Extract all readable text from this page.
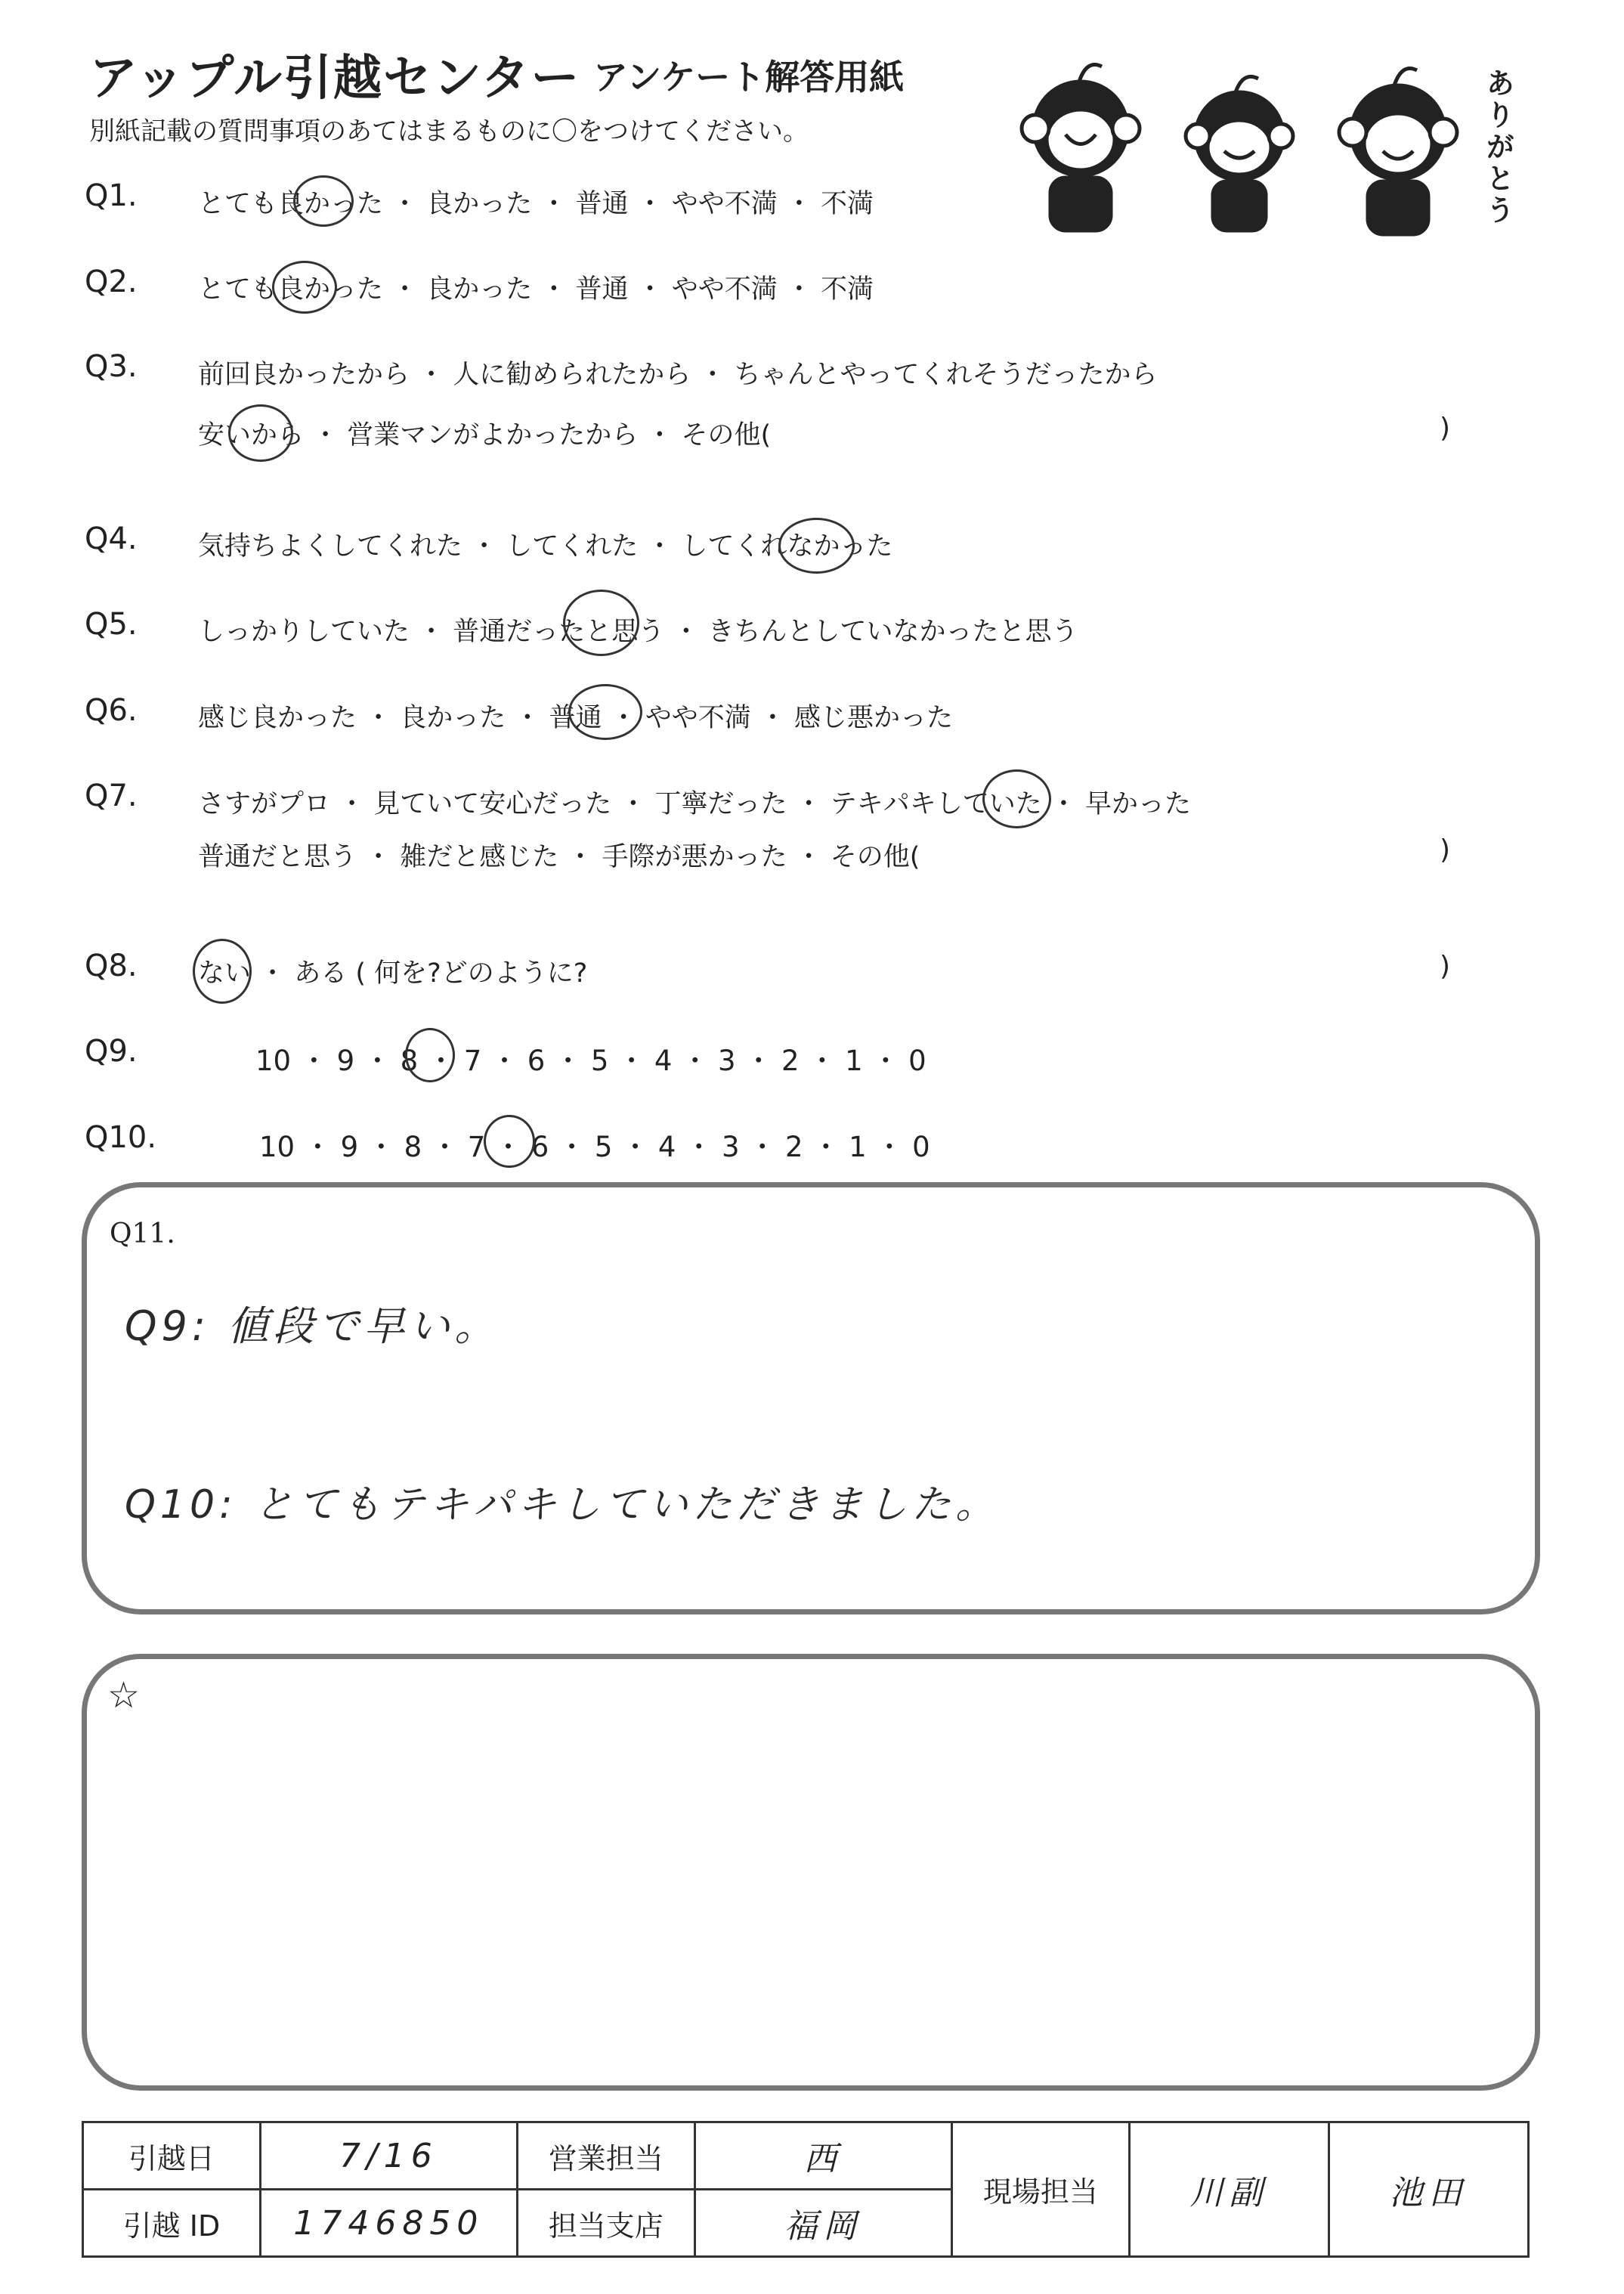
アップル引越センター アンケート解答用紙
別紙記載の質問事項のあてはまるものに〇をつけてください。	ありがとう
Q1. とても良かった ・ 良かった ・ 普通 ・ やや不満 ・ 不満
Q2. とても良かった ・ 良かった ・ 普通 ・ やや不満 ・ 不満
Q3. 前回良かったから ・ 人に勧められたから ・ ちゃんとやってくれそうだったから
安いから ・ 営業マンがよかったから ・ その他(	)
Q4. 気持ちよくしてくれた ・ してくれた ・ してくれなかった
Q5. しっかりしていた ・ 普通だったと思う ・ きちんとしていなかったと思う
Q6. 感じ良かった ・ 良かった ・ 普通 ・ やや不満 ・ 感じ悪かった
Q7. さすがプロ ・ 見ていて安心だった ・ 丁寧だった ・ テキパキしていた ・ 早かった
普通だと思う ・ 雑だと感じた ・ 手際が悪かった ・ その他(	)
Q8. ない ・ ある ( 何を?どのように?	)
Q9.	10 ・ 9 ・ 8 ・ 7 ・ 6 ・ 5 ・ 4 ・ 3 ・ 2 ・ 1 ・ 0
Q10.	10 ・ 9 ・ 8 ・ 7 ・ 6 ・ 5 ・ 4 ・ 3 ・ 2 ・ 1 ・ 0
Q11.
Q9: 値段で早い。
Q10: とてもテキパキしていただきました。
☆
引越日	7/16	営業担当	西	現場担当	川副	池田
引越 ID	1746850	担当支店	福岡			
